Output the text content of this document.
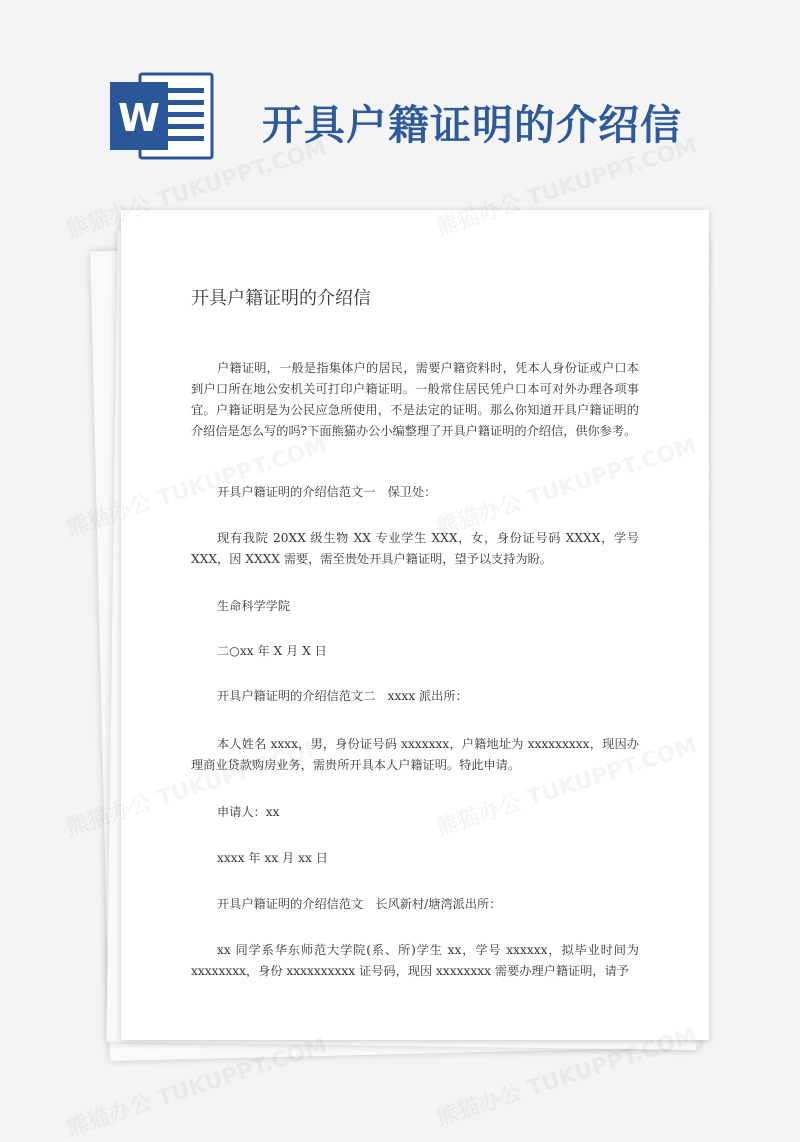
W 开具户籍证明的介绍信
开具户籍证明的介绍信

户籍证明，一般是指集体户的居民，需要户籍资料时，凭本人身份证或户口本到户口所在地公安机关可打印户籍证明。一般常住居民凭户口本可对外办理各项事宜。户籍证明是为公民应急所使用，不是法定的证明。那么你知道开具户籍证明的介绍信是怎么写的吗?下面熊猫办公小编整理了开具户籍证明的介绍信，供你参考。

开具户籍证明的介绍信范文一　保卫处：

现有我院 20XX 级生物 XX 专业学生 XXX，女，身份证号码 XXXX，学号 XXX，因 XXXX 需要，需至贵处开具户籍证明，望予以支持为盼。

生命科学学院

二○xx 年 X 月 X 日

开具户籍证明的介绍信范文二　xxxx 派出所：

本人姓名 xxxx，男，身份证号码 xxxxxxx，户籍地址为 xxxxxxxxx，现因办理商业贷款购房业务，需贵所开具本人户籍证明。特此申请。

申请人：xx

xxxx 年 xx 月 xx 日

开具户籍证明的介绍信范文　长风新村/塘湾派出所：

xx 同学系华东师范大学院(系、所)学生 xx，学号 xxxxxx，拟毕业时间为 xxxxxxxx，身份 xxxxxxxxxx 证号码，现因 xxxxxxxx 需要办理户籍证明，请予
